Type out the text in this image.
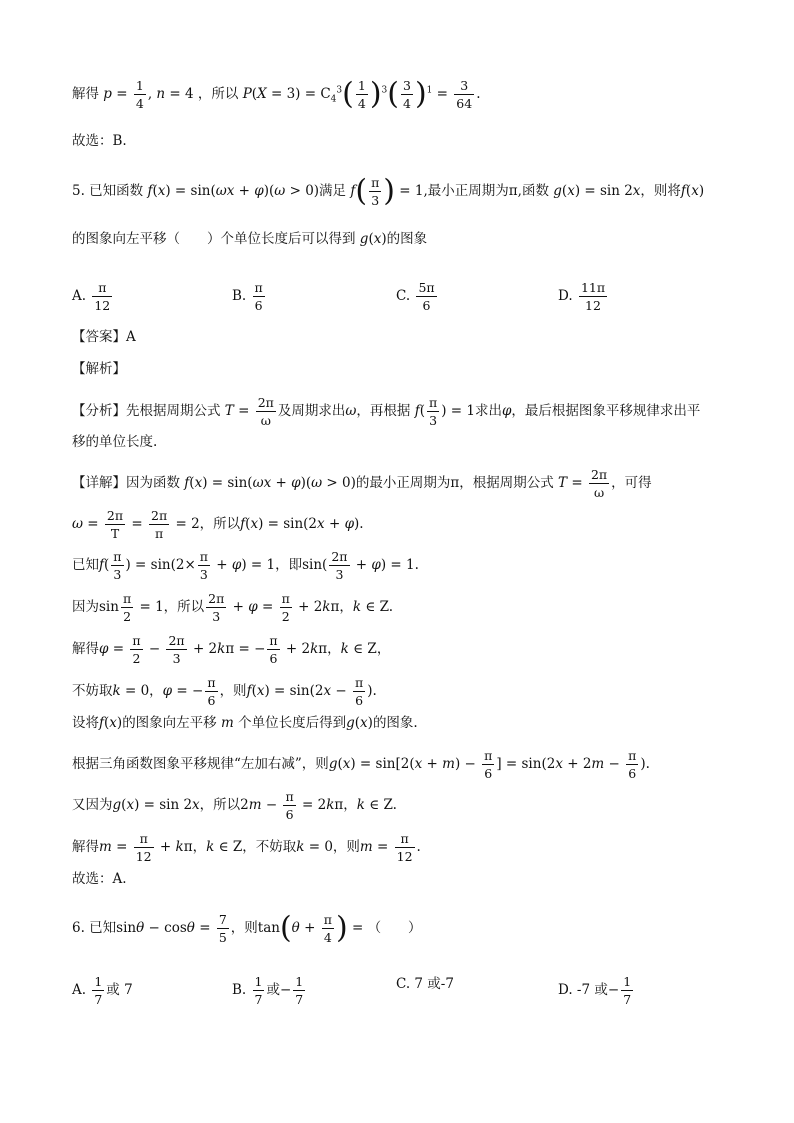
解得 $p = \frac{1}{4}$ , n = 4 ，所以 $P(X = 3) = C_4^3( \frac{1}{4} )^3( \frac{3}{4} )^1 = \frac{3}{64}$ .
故选：B.
5. 已知函数 f(x) = sin(ωx + φ)(ω > 0)满足 $f( \frac{\pi}{3}$ ) = 1,最小正周期为π,函数 g(x) = sin 2x，则将f(x)
的图象向左平移（　　）个单位长度后可以得到 g(x)的图象
A. $\frac{\pi}{12}$	B. $\frac{\pi}{6}$	C. $\frac{5\pi}{6}$	D. $\frac{11\pi}{12}$
【答案】A
【解析】
【分析】先根据周期公式 $T = \frac{2\pi}{\omega}$ 及周期求出ω，再根据 $f( \frac{\pi}{3}$ ) = 1求出φ，最后根据图象平移规律求出平
移的单位长度.
【详解】因为函数 f(x) = sin(ωx + φ)(ω > 0)的最小正周期为π，根据周期公式 $T = \frac{2\pi}{\omega}$ ，可得
$\omega = \frac{2\pi}{T} = \frac{2\pi}{\pi} = 2$，所以f(x) = sin(2x + φ).
已知$f( \frac{\pi}{3}$ ) = $\sin(2\times \frac{\pi}{3} + \varphi) = 1$，即$\sin( \frac{2\pi}{3} + \varphi) = 1$.
因为$\sin \frac{\pi}{2} = 1$，所以 $\frac{2\pi}{3} + \varphi = \frac{\pi}{2} + 2k\pi$，k ∈ Z.
解得$\varphi = \frac{\pi}{2} - \frac{2\pi}{3} + 2k\pi$ = − $\frac{\pi}{6} + 2k\pi$，k ∈ Z，
不妨取k = 0，φ = − $\frac{\pi}{6}$ ，则$f(x) = \sin(2x - \frac{\pi}{6}$ ).
设将f(x)的图象向左平移 m 个单位长度后得到g(x)的图象.
根据三角函数图象平移规律“左加右减”，则$g(x) = \sin[2(x + m) - \frac{\pi}{6}$ ] = $\sin(2x + 2m - \frac{\pi}{6}$ ).
又因为g(x) = sin 2x，所以$2m - \frac{\pi}{6} = 2k\pi$，k ∈ Z.
解得$m = \frac{\pi}{12} + k\pi$，k ∈ Z，不妨取k = 0，则$m = \frac{\pi}{12}$ .
故选：A.
6. 已知$\sin\theta - \cos\theta = \frac{7}{5}$ ，则$\tan(\theta + \frac{\pi}{4}$ ) = （　　）
A. $\frac{1}{7}$ 或 7	B. $\frac{1}{7}$ 或− $\frac{1}{7}$	C. 7 或-7	D. -7 或− $\frac{1}{7}$
